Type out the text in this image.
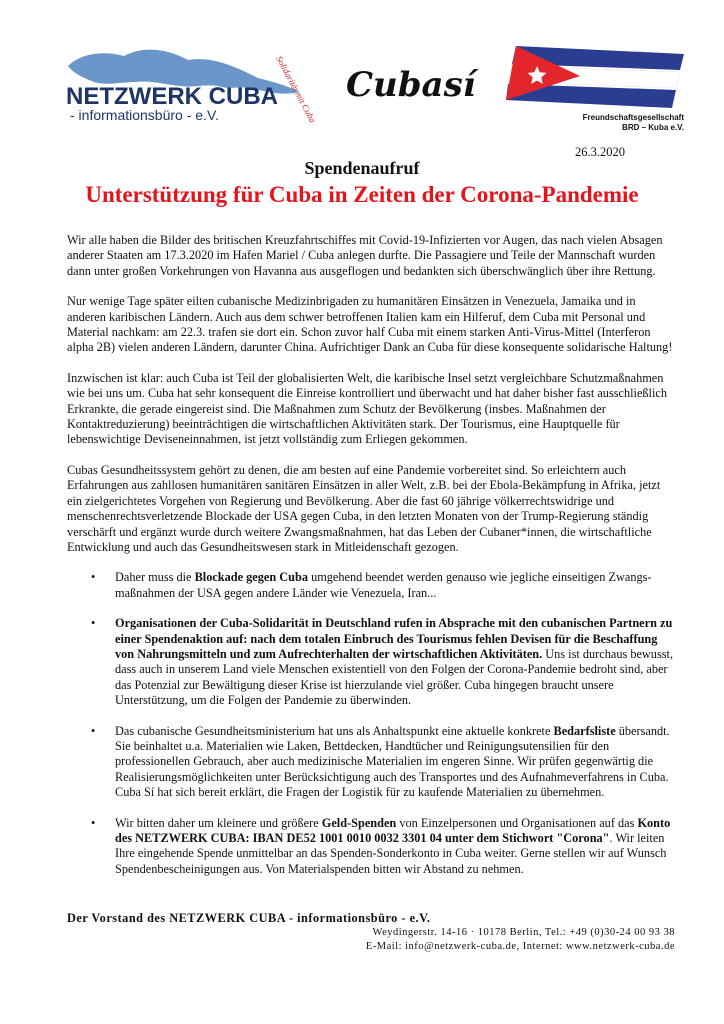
NETZWERK CUBA
- informationsbüro - e.V.	Solidarität mit Cuba Cubasí
Freundschaftsgesellschaft
BRD – Kuba e.V.
26.3.2020
Spendenaufruf
Unterstützung für Cuba in Zeiten der Corona-Pandemie

Wir alle haben die Bilder des britischen Kreuzfahrtschiffes mit Covid-19-Infizierten vor Augen, das nach vielen Absagen anderer Staaten am 17.3.2020 im Hafen Mariel / Cuba anlegen durfte. Die Passagiere und Teile der Mannschaft wurden dann unter großen Vorkehrungen von Havanna aus ausgeflogen und bedankten sich überschwänglich über ihre Rettung.

Nur wenige Tage später eilten cubanische Medizinbrigaden zu humanitären Einsätzen in Venezuela, Jamaika und in anderen karibischen Ländern. Auch aus dem schwer betroffenen Italien kam ein Hilferuf, dem Cuba mit Personal und Material nachkam: am 22.3. trafen sie dort ein. Schon zuvor half Cuba mit einem starken Anti-Virus-Mittel (Interferon alpha 2B) vielen anderen Ländern, darunter China. Aufrichtiger Dank an Cuba für diese konsequente solidarische Haltung!

Inzwischen ist klar: auch Cuba ist Teil der globalisierten Welt, die karibische Insel setzt vergleichbare Schutzmaßnahmen wie bei uns um. Cuba hat sehr konsequent die Einreise kontrolliert und überwacht und hat daher bisher fast ausschließlich Erkrankte, die gerade eingereist sind. Die Maßnahmen zum Schutz der Bevölkerung (insbes. Maßnahmen der Kontaktreduzierung) beeinträchtigen die wirtschaftlichen Aktivitäten stark. Der Tourismus, eine Hauptquelle für lebenswichtige Deviseneinnahmen, ist jetzt vollständig zum Erliegen gekommen.

Cubas Gesundheitssystem gehört zu denen, die am besten auf eine Pandemie vorbereitet sind. So erleichtern auch Erfahrungen aus zahllosen humanitären sanitären Einsätzen in aller Welt, z.B. bei der Ebola-Bekämpfung in Afrika, jetzt ein zielgerichtetes Vorgehen von Regierung und Bevölkerung. Aber die fast 60 jährige völkerrechtswidrige und menschenrechtsverletzende Blockade der USA gegen Cuba, in den letzten Monaten von der Trump-Regierung ständig verschärft und ergänzt wurde durch weitere Zwangsmaßnahmen, hat das Leben der Cubaner*innen, die wirtschaftliche Entwicklung und auch das Gesundheitswesen stark in Mitleidenschaft gezogen.

• Daher muss die Blockade gegen Cuba umgehend beendet werden genauso wie jegliche einseitigen Zwangs-maßnahmen der USA gegen andere Länder wie Venezuela, Iran...
• Organisationen der Cuba-Solidarität in Deutschland rufen in Absprache mit den cubanischen Partnern zu einer Spendenaktion auf: nach dem totalen Einbruch des Tourismus fehlen Devisen für die Beschaffung von Nahrungsmitteln und zum Aufrechterhalten der wirtschaftlichen Aktivitäten. Uns ist durchaus bewusst, dass auch in unserem Land viele Menschen existentiell von den Folgen der Corona-Pandemie bedroht sind, aber das Potenzial zur Bewältigung dieser Krise ist hierzulande viel größer. Cuba hingegen braucht unsere Unterstützung, um die Folgen der Pandemie zu überwinden.
• Das cubanische Gesundheitsministerium hat uns als Anhaltspunkt eine aktuelle konkrete Bedarfsliste übersandt. Sie beinhaltet u.a. Materialien wie Laken, Bettdecken, Handtücher und Reinigungsutensilien für den professionellen Gebrauch, aber auch medizinische Materialien im engeren Sinne. Wir prüfen gegenwärtig die Realisierungsmöglichkeiten unter Berücksichtigung auch des Transportes und des Aufnahmeverfahrens in Cuba. Cuba Sí hat sich bereit erklärt, die Fragen der Logistik für zu kaufende Materialien zu übernehmen.
• Wir bitten daher um kleinere und größere Geld-Spenden von Einzelpersonen und Organisationen auf das Konto des NETZWERK CUBA: IBAN DE52 1001 0010 0032 3301 04 unter dem Stichwort "Corona". Wir leiten Ihre eingehende Spende unmittelbar an das Spenden-Sonderkonto in Cuba weiter. Gerne stellen wir auf Wunsch Spendenbescheinigungen aus. Von Materialspenden bitten wir Abstand zu nehmen.
Der Vorstand des NETZWERK CUBA - informationsbüro - e.V.
Weydingerstr. 14-16 · 10178 Berlin, Tel.: +49 (0)30-24 00 93 38
E-Mail: info@netzwerk-cuba.de, Internet: www.netzwerk-cuba.de
